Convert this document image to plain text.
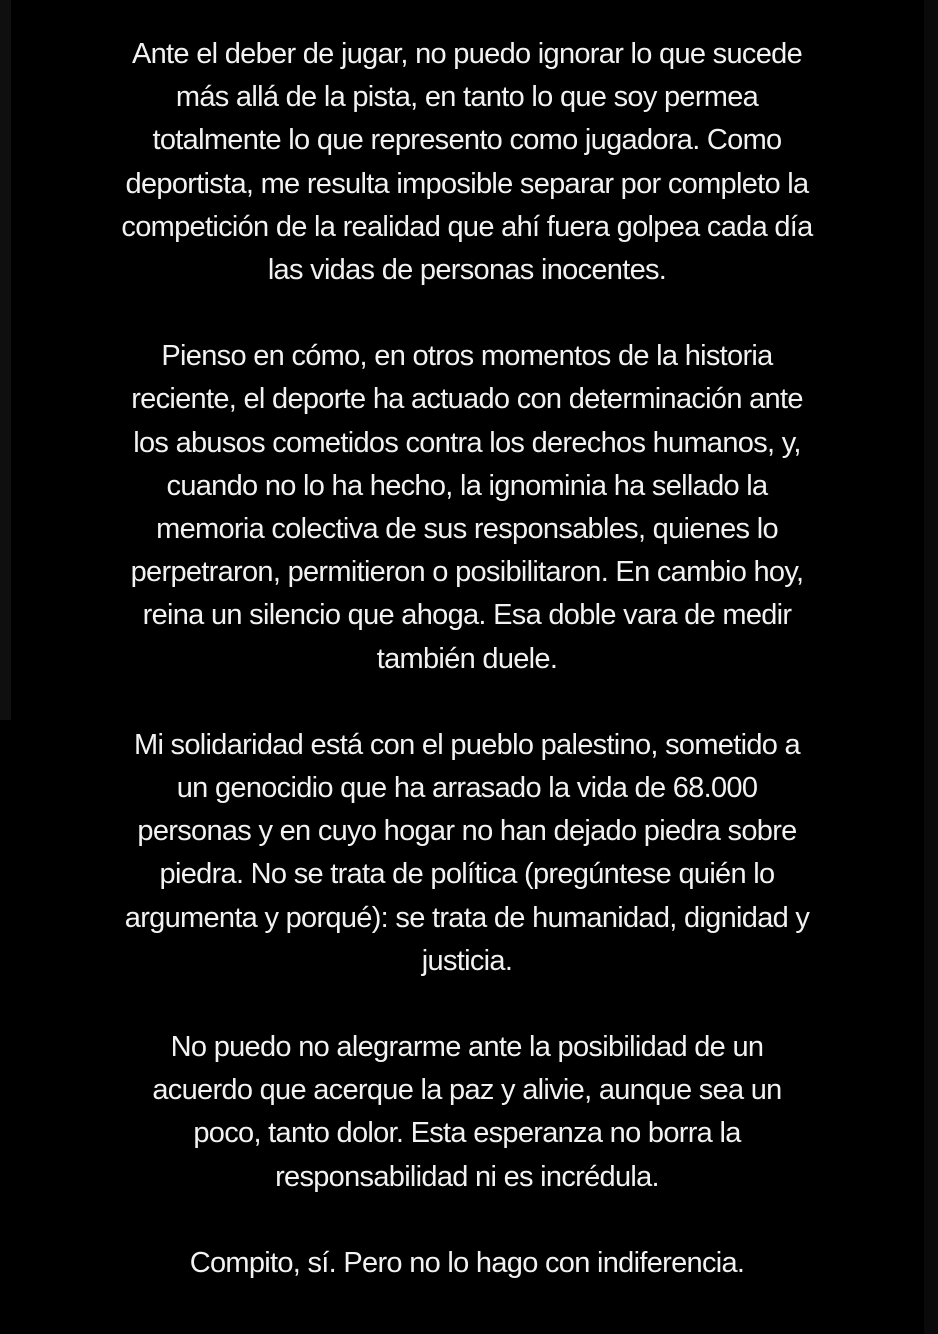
Ante el deber de jugar, no puedo ignorar lo que sucede más allá de la pista, en tanto lo que soy permea totalmente lo que represento como jugadora. Como deportista, me resulta imposible separar por completo la competición de la realidad que ahí fuera golpea cada día las vidas de personas inocentes.

Pienso en cómo, en otros momentos de la historia reciente, el deporte ha actuado con determinación ante los abusos cometidos contra los derechos humanos, y, cuando no lo ha hecho, la ignominia ha sellado la memoria colectiva de sus responsables, quienes lo perpetraron, permitieron o posibilitaron. En cambio hoy, reina un silencio que ahoga. Esa doble vara de medir también duele.

Mi solidaridad está con el pueblo palestino, sometido a un genocidio que ha arrasado la vida de 68.000 personas y en cuyo hogar no han dejado piedra sobre piedra. No se trata de política (pregúntese quién lo argumenta y porqué): se trata de humanidad, dignidad y justicia.

No puedo no alegrarme ante la posibilidad de un acuerdo que acerque la paz y alivie, aunque sea un poco, tanto dolor. Esta esperanza no borra la responsabilidad ni es incrédula.

Compito, sí. Pero no lo hago con indiferencia.
